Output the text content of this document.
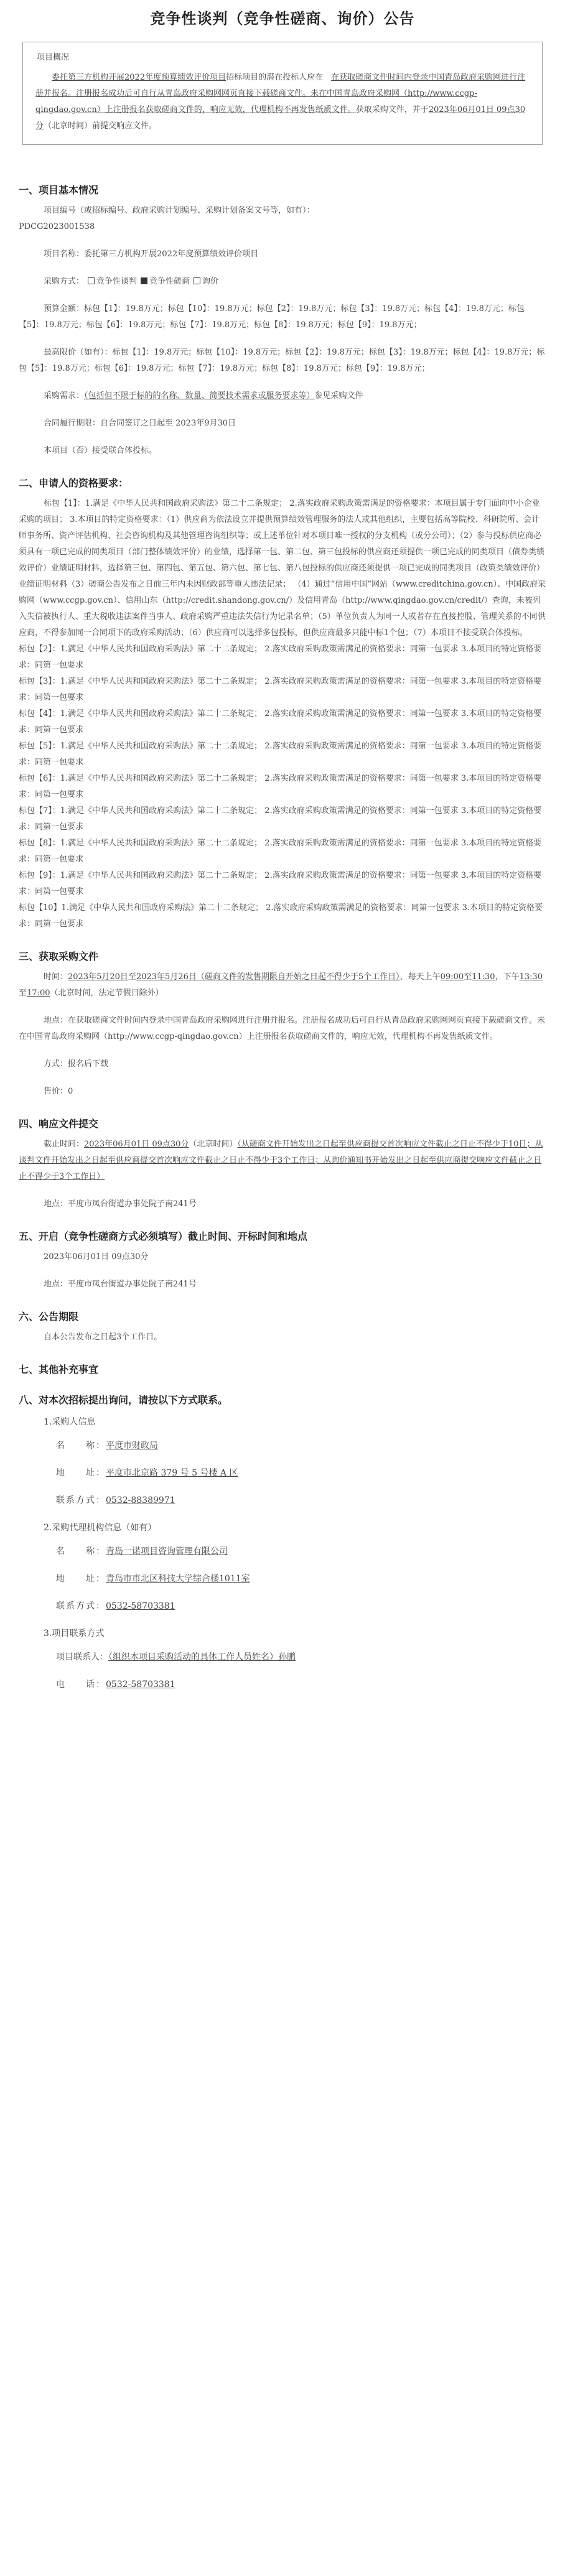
竞争性谈判（竞争性磋商、询价）公告
项目概况

委托第三方机构开展2022年度预算绩效评价项目招标项目的潜在投标人应在　 在获取磋商文件时间内登录中国青岛政府采购网进行注册并报名。注册报名成功后可自行从青岛政府采购网网页直接下载磋商文件。未在中国青岛政府采购网（http://www.ccgp-qingdao.gov.cn）上注册报名获取磋商文件的，响应无效，代理机构不再发售纸质文件。获取采购文件，并于2023年06月01日 09点30分（北京时间）前提交响应文件。

一、项目基本情况

项目编号（或招标编号、政府采购计划编号、采购计划备案文号等，如有）：

PDCG2023001538

项目名称：委托第三方机构开展2022年度预算绩效评价项目

采购方式： 竞争性谈判 竞争性磋商 询价

预算金额：标包【1】：19.8万元；标包【10】：19.8万元；标包【2】：19.8万元；标包【3】：19.8万元；标包【4】：19.8万元；标包【5】：19.8万元；标包【6】：19.8万元；标包【7】：19.8万元；标包【8】：19.8万元；标包【9】：19.8万元；

最高限价（如有）：标包【1】：19.8万元；标包【10】：19.8万元；标包【2】：19.8万元；标包【3】：19.8万元；标包【4】：19.8万元；标包【5】：19.8万元；标包【6】：19.8万元；标包【7】：19.8万元；标包【8】：19.8万元；标包【9】：19.8万元；

采购需求：（包括但不限于标的的名称、数量、简要技术需求或服务要求等）参见采购文件

合同履行期限：自合同签订之日起至 2023年9月30日

本项目（否）接受联合体投标。

二、申请人的资格要求：

标包【1】：1.满足《中华人民共和国政府采购法》第二十二条规定； 2.落实政府采购政策需满足的资格要求：本项目属于专门面向中小企业采购的项目； 3.本项目的特定资格要求：（1）供应商为依法设立并提供预算绩效管理服务的法人或其他组织，主要包括高等院校、科研院所、会计师事务所、资产评估机构、社会咨询机构及其他管理咨询组织等；或上述单位针对本项目唯一授权的分支机构（或分公司）；（2）参与投标供应商必须具有一项已完成的同类项目（部门整体绩效评价）的业绩，选择第一包、第二包、第三包投标的供应商还须提供一项已完成的同类项目（债券类绩效评价）业绩证明材料，选择第三包、第四包、第五包、第六包、第七包、第八包投标的供应商还须提供一项已完成的同类项目（政策类绩效评价）业绩证明材料（3）磋商公告发布之日前三年内未因财政部等重大违法记录； （4）通过“信用中国”网站（www.creditchina.gov.cn）、中国政府采购网（www.ccgp.gov.cn）、信用山东（http://credit.shandong.gov.cn/）及信用青岛（http://www.qingdao.gov.cn/credit/）查询，未被列入失信被执行人、重大税收违法案件当事人、政府采购严重违法失信行为记录名单；（5）单位负责人为同一人或者存在直接控股、管理关系的不同供应商，不得参加同一合同项下的政府采购活动；（6）供应商可以选择多包投标，但供应商最多只能中标1个包；（7）本项目不接受联合体投标。

标包【2】：1.满足《中华人民共和国政府采购法》第二十二条规定； 2.落实政府采购政策需满足的资格要求：同第一包要求 3.本项目的特定资格要求：同第一包要求

标包【3】：1.满足《中华人民共和国政府采购法》第二十二条规定； 2.落实政府采购政策需满足的资格要求：同第一包要求 3.本项目的特定资格要求：同第一包要求

标包【4】：1.满足《中华人民共和国政府采购法》第二十二条规定； 2.落实政府采购政策需满足的资格要求：同第一包要求 3.本项目的特定资格要求：同第一包要求

标包【5】：1.满足《中华人民共和国政府采购法》第二十二条规定； 2.落实政府采购政策需满足的资格要求：同第一包要求 3.本项目的特定资格要求：同第一包要求

标包【6】：1.满足《中华人民共和国政府采购法》第二十二条规定； 2.落实政府采购政策需满足的资格要求：同第一包要求 3.本项目的特定资格要求：同第一包要求

标包【7】：1.满足《中华人民共和国政府采购法》第二十二条规定； 2.落实政府采购政策需满足的资格要求：同第一包要求 3.本项目的特定资格要求：同第一包要求

标包【8】：1.满足《中华人民共和国政府采购法》第二十二条规定； 2.落实政府采购政策需满足的资格要求：同第一包要求 3.本项目的特定资格要求：同第一包要求

标包【9】：1.满足《中华人民共和国政府采购法》第二十二条规定； 2.落实政府采购政策需满足的资格要求：同第一包要求 3.本项目的特定资格要求：同第一包要求

标包【10】1.满足《中华人民共和国政府采购法》第二十二条规定； 2.落实政府采购政策需满足的资格要求：同第一包要求 3.本项目的特定资格要求：同第一包要求

三、获取采购文件

时间：2023年5月20日至2023年5月26日（磋商文件的发售期限自开始之日起不得少于5个工作日），每天上午09:00至11:30，下午13:30至17:00（北京时间，法定节假日除外）

地点：在获取磋商文件时间内登录中国青岛政府采购网进行注册并报名。注册报名成功后可自行从青岛政府采购网网页直接下载磋商文件。未在中国青岛政府采购网（http://www.ccgp-qingdao.gov.cn）上注册报名获取磋商文件的，响应无效，代理机构不再发售纸质文件。

方式：报名后下载

售价：0

四、响应文件提交

截止时间：2023年06月01日 09点30分（北京时间）（从磋商文件开始发出之日起至供应商提交首次响应文件截止之日止不得少于10日；从谈判文件开始发出之日起至供应商提交首次响应文件截止之日止不得少于3个工作日；从询价通知书开始发出之日起至供应商提交响应文件截止之日止不得少于3个工作日）

地点：平度市凤台街道办事处院子南241号

五、开启（竞争性磋商方式必须填写）截止时间、开标时间和地点

2023年06月01日 09点30分

地点：平度市凤台街道办事处院子南241号

六、公告期限

自本公告发布之日起3个工作日。

七、其他补充事宜
八、对本次招标提出询问，请按以下方式联系。
1.采购人信息
名　　称：平度市财政局
地　　址：平度市北京路 379 号 5 号楼 A 区
联系方式：0532-88389971
2.采购代理机构信息（如有）
名　　称：青岛一诺项目咨询管理有限公司
地　　址：青岛市市北区科技大学综合楼1011室
联系方式：0532-58703381
3.项目联系方式
项目联系人：（组织本项目采购活动的具体工作人员姓名）孙鹏
电　　话：0532-58703381
